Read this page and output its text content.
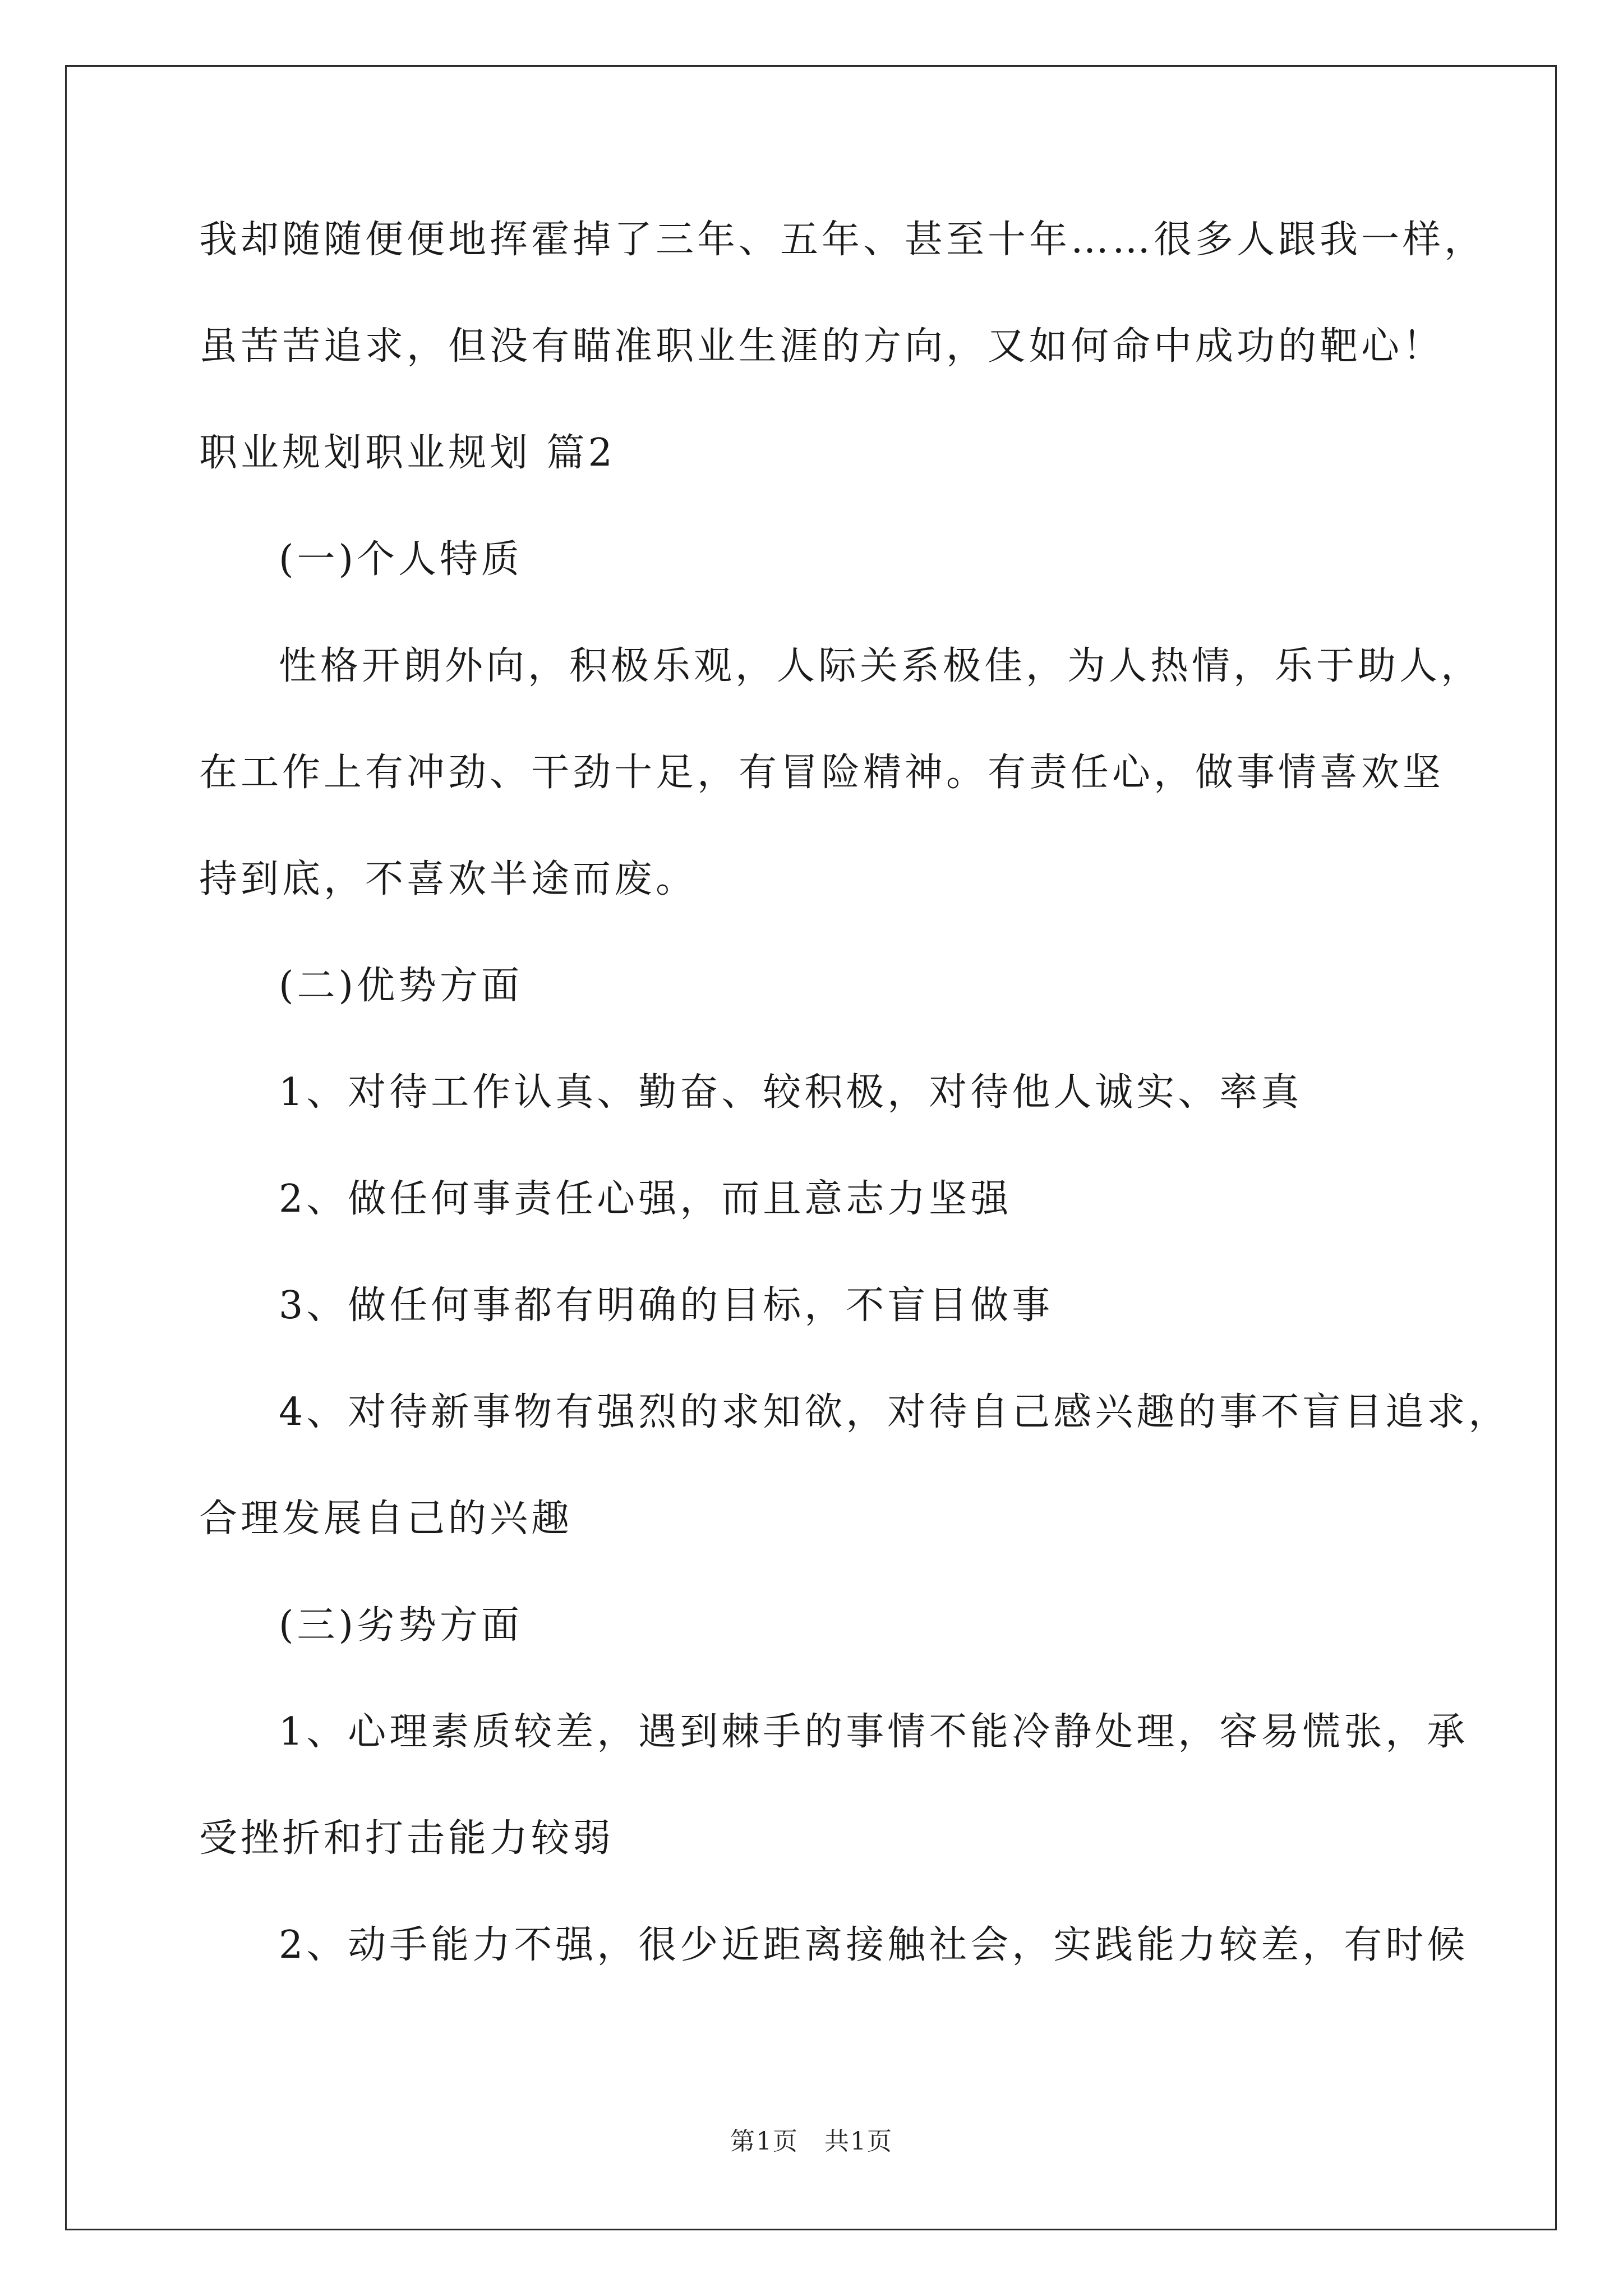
我却随随便便地挥霍掉了三年、五年、甚至十年……很多人跟我一样，
虽苦苦追求，但没有瞄准职业生涯的方向，又如何命中成功的靶心！
职业规划职业规划 篇2
(一)个人特质
性格开朗外向，积极乐观，人际关系极佳，为人热情，乐于助人，
在工作上有冲劲、干劲十足，有冒险精神。有责任心，做事情喜欢坚
持到底，不喜欢半途而废。
(二)优势方面
1、对待工作认真、勤奋、较积极，对待他人诚实、率真
2、做任何事责任心强，而且意志力坚强
3、做任何事都有明确的目标，不盲目做事
4、对待新事物有强烈的求知欲，对待自己感兴趣的事不盲目追求，
合理发展自己的兴趣
(三)劣势方面
1、心理素质较差，遇到棘手的事情不能冷静处理，容易慌张，承
受挫折和打击能力较弱
2、动手能力不强，很少近距离接触社会，实践能力较差，有时候
第1页　共1页
